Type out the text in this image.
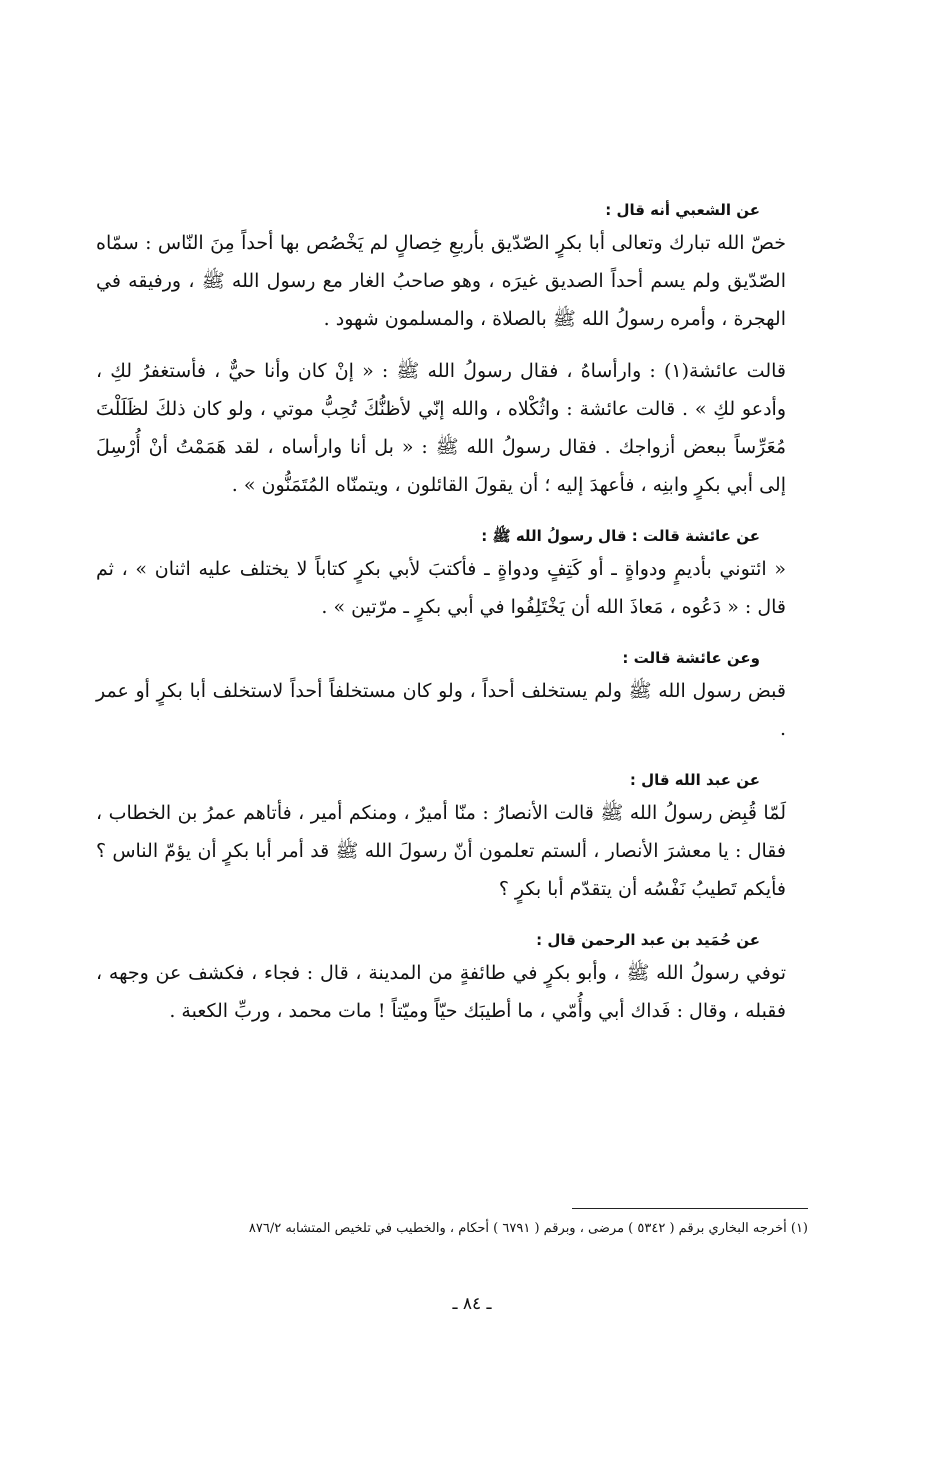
عن الشعبي أنه قال :

خصّ الله تبارك وتعالى أبا بكرٍ الصّدّيق بأربعِ خِصالٍ لم يَخْصُص بها أحداً مِنَ النّاس : سمّاه الصّدّيق ولم يسم أحداً الصديق غيرَه ، وهو صاحبُ الغار مع رسول الله ﷺ ، ورفيقه في الهجرة ، وأمره رسولُ الله ﷺ بالصلاة ، والمسلمون شهود .

قالت عائشة(١) : وارأساهُ ، فقال رسولُ الله ﷺ : « إنْ كان وأنا حيٌّ ، فأستغفرُ لكِ ، وأدعو لكِ » . قالت عائشة : واثُكْلاه ، والله إنّي لأظنُّكَ تُحِبُّ موتي ، ولو كان ذلكَ لظَلَلْتَ مُعَرِّساً ببعض أزواجك . فقال رسولُ الله ﷺ : « بل أنا وارأساه ، لقد هَمَمْتُ أنْ أُرْسِلَ إلى أبي بكرٍ وابنِه ، فأعهدَ إليه ؛ أن يقولَ القائلون ، ويتمنّاه المُتَمَنُّون » .

عن عائشة قالت : قال رسولُ الله ﷺ :

« ائتوني بأديمٍ ودواةٍ ـ أو كَتِفٍ ودواةٍ ـ فأكتبَ لأبي بكرٍ كتاباً لا يختلف عليه اثنان » ، ثم قال : « دَعُوه ، مَعاذَ الله أن يَخْتَلِفُوا في أبي بكرٍ ـ مرّتين » .

وعن عائشة قالت :

قبض رسول الله ﷺ ولم يستخلف أحداً ، ولو كان مستخلفاً أحداً لاستخلف أبا بكرٍ أو عمر .

عن عبد الله قال :

لَمّا قُبِض رسولُ الله ﷺ قالت الأنصارُ : منّا أميرٌ ، ومنكم أمير ، فأتاهم عمرُ بن الخطاب ، فقال : يا معشرَ الأنصار ، ألستم تعلمون أنّ رسولَ الله ﷺ قد أمر أبا بكرٍ أن يؤمّ الناس ؟ فأيكم تَطيبُ نَفْسُه أن يتقدّم أبا بكرٍ ؟

عن حُمَيد بن عبد الرحمن قال :

توفي رسولُ الله ﷺ ، وأبو بكرٍ في طائفةٍ من المدينة ، قال : فجاء ، فكشف عن وجهه ، فقبله ، وقال : فَداك أبي وأُمّي ، ما أطيبَك حيّاً وميّتاً ! مات محمد ، وربِّ الكعبة .

(١) أخرجه البخاري برقم ( ٥٣٤٢ ) مرضى ، وبرقم ( ٦٧٩١ ) أحكام ، والخطيب في تلخيص المتشابه ٨٧٦/٢
ـ ٨٤ ـ
